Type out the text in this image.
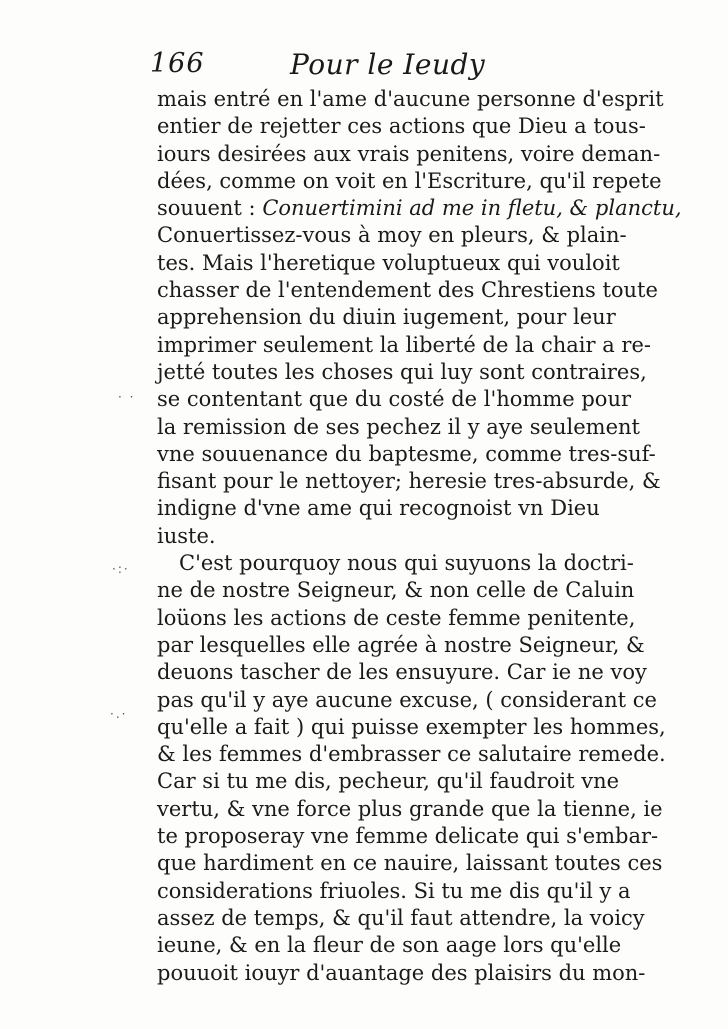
166	Pour le Ieudy
· ·
·:·
·.·
mais entré en l'ame d'aucune personne d'esprit
entier de rejetter ces actions que Dieu a tous-
iours desirées aux vrais penitens, voire deman-
dées, comme on voit en l'Escriture, qu'il repete
souuent : Conuertimini ad me in fletu, & planctu,
Conuertissez-vous à moy en pleurs, & plain-
tes. Mais l'heretique voluptueux qui vouloit
chasser de l'entendement des Chrestiens toute
apprehension du diuin iugement, pour leur
imprimer seulement la liberté de la chair a re-
jetté toutes les choses qui luy sont contraires,
se contentant que du costé de l'homme pour
la remission de ses pechez il y aye seulement
vne souuenance du baptesme, comme tres-suf-
fisant pour le nettoyer; heresie tres-absurde, &
indigne d'vne ame qui recognoist vn Dieu
iuste.
C'est pourquoy nous qui suyuons la doctri-
ne de nostre Seigneur, & non celle de Caluin
loüons les actions de ceste femme penitente,
par lesquelles elle agrée à nostre Seigneur, &
deuons tascher de les ensuyure. Car ie ne voy
pas qu'il y aye aucune excuse, ( considerant ce
qu'elle a fait ) qui puisse exempter les hommes,
& les femmes d'embrasser ce salutaire remede.
Car si tu me dis, pecheur, qu'il faudroit vne
vertu, & vne force plus grande que la tienne, ie
te proposeray vne femme delicate qui s'embar-
que hardiment en ce nauire, laissant toutes ces
considerations friuoles. Si tu me dis qu'il y a
assez de temps, & qu'il faut attendre, la voicy
ieune, & en la fleur de son aage lors qu'elle
pouuoit iouyr d'auantage des plaisirs du mon-
